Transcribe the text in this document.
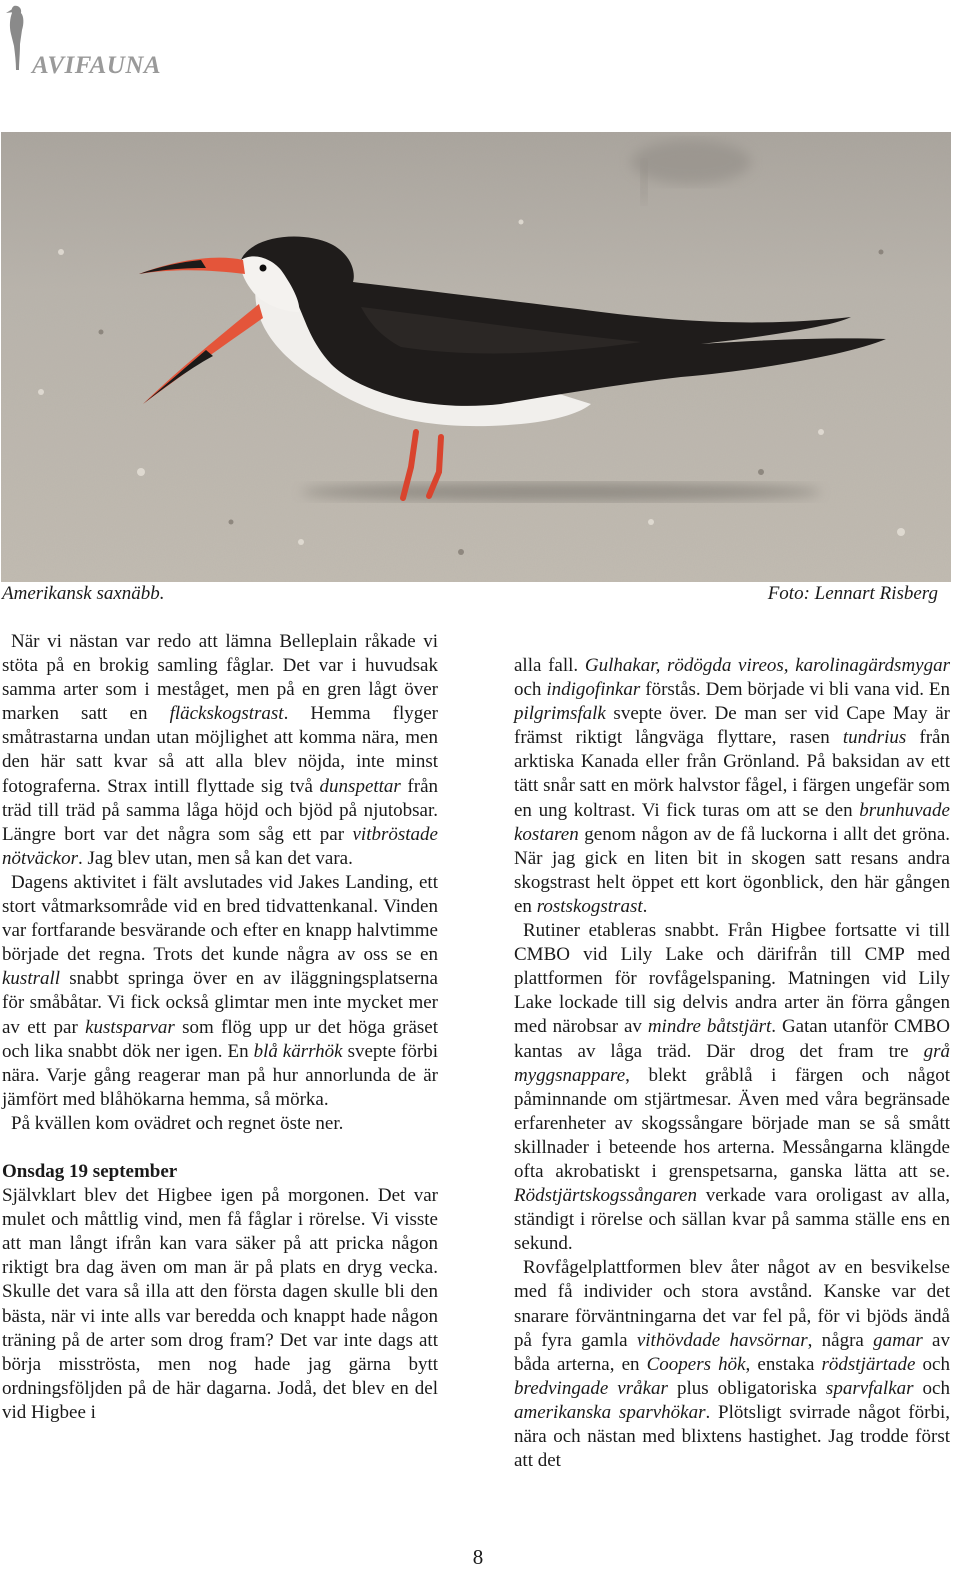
AVIFAUNA
Amerikansk saxnäbb.	Foto: Lennart Risberg

När vi nästan var redo att lämna Belleplain råkade vi stöta på en brokig samling fåglar. Det var i huvudsak samma arter som i meståget, men på en gren lågt över marken satt en fläckskogstrast. Hemma flyger småtrastarna undan utan möjlighet att komma nära, men den här satt kvar så att alla blev nöjda, inte minst fotograferna. Strax intill flyttade sig två dunspettar från träd till träd på samma låga höjd och bjöd på njutobsar. Längre bort var det några som såg ett par vitbröstade nötväckor. Jag blev utan, men så kan det vara.

Dagens aktivitet i fält avslutades vid Jakes Landing, ett stort våtmarksområde vid en bred tidvattenkanal. Vinden var fortfarande besvärande och efter en knapp halvtimme började det regna. Trots det kunde några av oss se en kustrall snabbt springa över en av iläggningsplatserna för småbåtar. Vi fick också glimtar men inte mycket mer av ett par kustsparvar som flög upp ur det höga gräset och lika snabbt dök ner igen. En blå kärrhök svepte förbi nära. Varje gång reagerar man på hur annorlunda de är jämfört med blåhökarna hemma, så mörka.

På kvällen kom ovädret och regnet öste ner.

Onsdag 19 september

Självklart blev det Higbee igen på morgonen. Det var mulet och måttlig vind, men få fåglar i rörelse. Vi visste att man långt ifrån kan vara säker på att pricka någon riktigt bra dag även om man är på plats en dryg vecka. Skulle det vara så illa att den första dagen skulle bli den bästa, när vi inte alls var beredda och knappt hade någon träning på de arter som drog fram? Det var inte dags att börja misströsta, men nog hade jag gärna bytt ordningsföljden på de här dagarna. Jodå, det blev en del vid Higbee i

alla fall. Gulhakar, rödögda vireos, karolinagärdsmygar och indigofinkar förstås. Dem började vi bli vana vid. En pilgrimsfalk svepte över. De man ser vid Cape May är främst riktigt långväga flyttare, rasen tundrius från arktiska Kanada eller från Grönland. På baksidan av ett tätt snår satt en mörk halvstor fågel, i färgen ungefär som en ung koltrast. Vi fick turas om att se den brunhuvade kostaren genom någon av de få luckorna i allt det gröna. När jag gick en liten bit in skogen satt resans andra skogstrast helt öppet ett kort ögonblick, den här gången en rostskogstrast.

Rutiner etableras snabbt. Från Higbee fortsatte vi till CMBO vid Lily Lake och därifrån till CMP med plattformen för rovfågelspaning. Matningen vid Lily Lake lockade till sig delvis andra arter än förra gången med närobsar av mindre båtstjärt. Gatan utanför CMBO kantas av låga träd. Där drog det fram tre grå myggsnappare, blekt gråblå i färgen och något påminnande om stjärtmesar. Även med våra begränsade erfarenheter av skogssångare började man se så smått skillnader i beteende hos arterna. Messångarna klängde ofta akrobatiskt i grenspetsarna, ganska lätta att se. Rödstjärtskogssångaren verkade vara oroligast av alla, ständigt i rörelse och sällan kvar på samma ställe ens en sekund.

Rovfågelplattformen blev åter något av en besvikelse med få individer och stora avstånd. Kanske var det snarare förväntningarna det var fel på, för vi bjöds ändå på fyra gamla vithövdade havsörnar, några gamar av båda arterna, en Coopers hök, enstaka rödstjärtade och bredvingade vråkar plus obligatoriska sparvfalkar och amerikanska sparvhökar. Plötsligt svirrade något förbi, nära och nästan med blixtens hastighet. Jag trodde först att det

8
